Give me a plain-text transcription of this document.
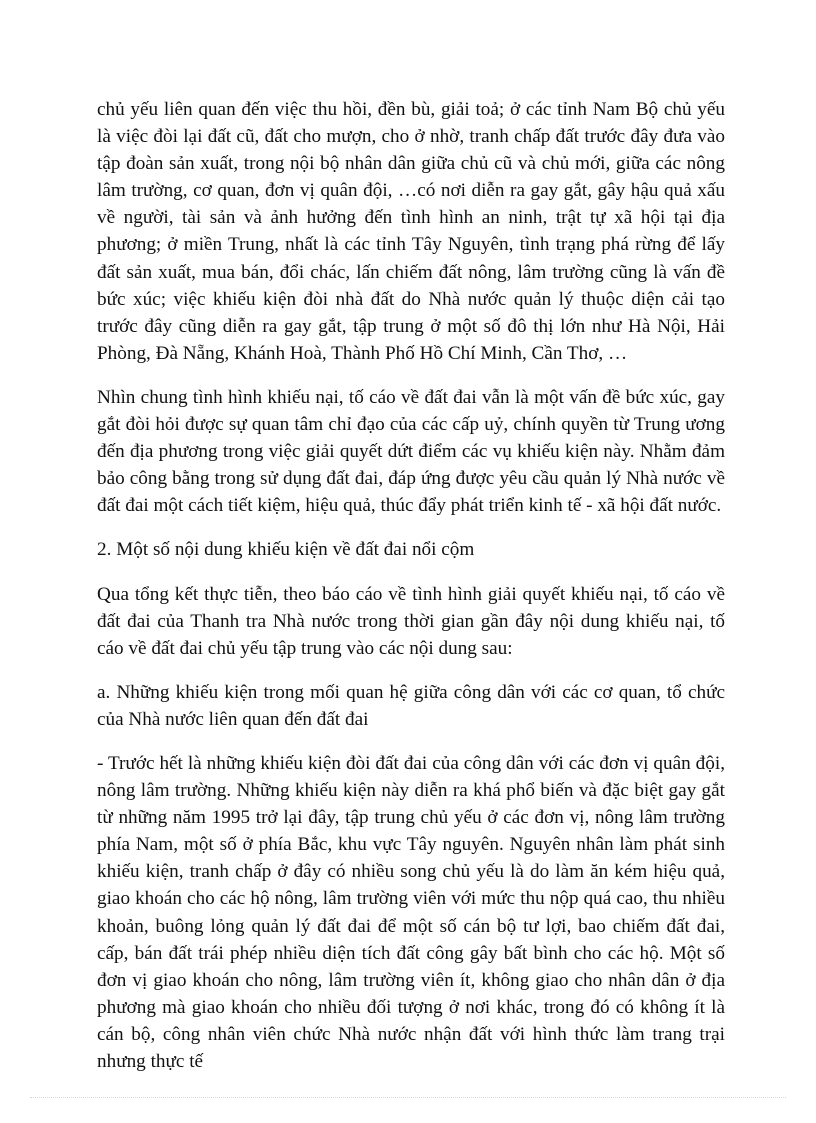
chủ yếu liên quan đến việc thu hồi, đền bù, giải toả; ở các tỉnh Nam Bộ chủ yếu là việc đòi lại đất cũ, đất cho mượn, cho ở nhờ, tranh chấp đất trước đây đưa vào tập đoàn sản xuất, trong nội bộ nhân dân giữa chủ cũ và chủ mới, giữa các nông lâm trường, cơ quan, đơn vị quân đội, …có nơi diễn ra gay gắt, gây hậu quả xấu về người, tài sản và ảnh hưởng đến tình hình an ninh, trật tự xã hội tại địa phương; ở miền Trung, nhất là các tỉnh Tây Nguyên, tình trạng phá rừng để lấy đất sản xuất, mua bán, đổi chác, lấn chiếm đất nông, lâm trường cũng là vấn đề bức xúc; việc khiếu kiện đòi nhà đất do Nhà nước quản lý thuộc diện cải tạo trước đây cũng diễn ra gay gắt, tập trung ở một số đô thị lớn như Hà Nội, Hải Phòng, Đà Nẵng, Khánh Hoà, Thành Phố Hồ Chí Minh, Cần Thơ, …

Nhìn chung tình hình khiếu nại, tố cáo về đất đai vẫn là một vấn đề bức xúc, gay gắt đòi hỏi được sự quan tâm chỉ đạo của các cấp uỷ, chính quyền từ Trung ương đến địa phương trong việc giải quyết dứt điểm các vụ khiếu kiện này. Nhằm đảm bảo công bằng trong sử dụng đất đai, đáp ứng được yêu cầu quản lý Nhà nước về đất đai một cách tiết kiệm, hiệu quả, thúc đẩy phát triển kinh tế - xã hội đất nước.

2. Một số nội dung khiếu kiện về đất đai nổi cộm

Qua tổng kết thực tiễn, theo báo cáo về tình hình giải quyết khiếu nại, tố cáo về đất đai của Thanh tra Nhà nước trong thời gian gần đây nội dung khiếu nại, tố cáo về đất đai chủ yếu tập trung vào các nội dung sau:

a. Những khiếu kiện trong mối quan hệ giữa công dân với các cơ quan, tổ chức của Nhà nước liên quan đến đất đai

- Trước hết là những khiếu kiện đòi đất đai của công dân với các đơn vị quân đội, nông lâm trường. Những khiếu kiện này diễn ra khá phổ biến và đặc biệt gay gắt từ những năm 1995 trở lại đây, tập trung chủ yếu ở các đơn vị, nông lâm trường phía Nam, một số ở phía Bắc, khu vực Tây nguyên. Nguyên nhân làm phát sinh khiếu kiện, tranh chấp ở đây có nhiều song chủ yếu là do làm ăn kém hiệu quả, giao khoán cho các hộ nông, lâm trường viên với mức thu nộp quá cao, thu nhiều khoản, buông lỏng quản lý đất đai để một số cán bộ tư lợi, bao chiếm đất đai, cấp, bán đất trái phép nhiều diện tích đất công gây bất bình cho các hộ. Một số đơn vị giao khoán cho nông, lâm trường viên ít, không giao cho nhân dân ở địa phương mà giao khoán cho nhiều đối tượng ở nơi khác, trong đó có không ít là cán bộ, công nhân viên chức Nhà nước nhận đất với hình thức làm trang trại nhưng thực tế
